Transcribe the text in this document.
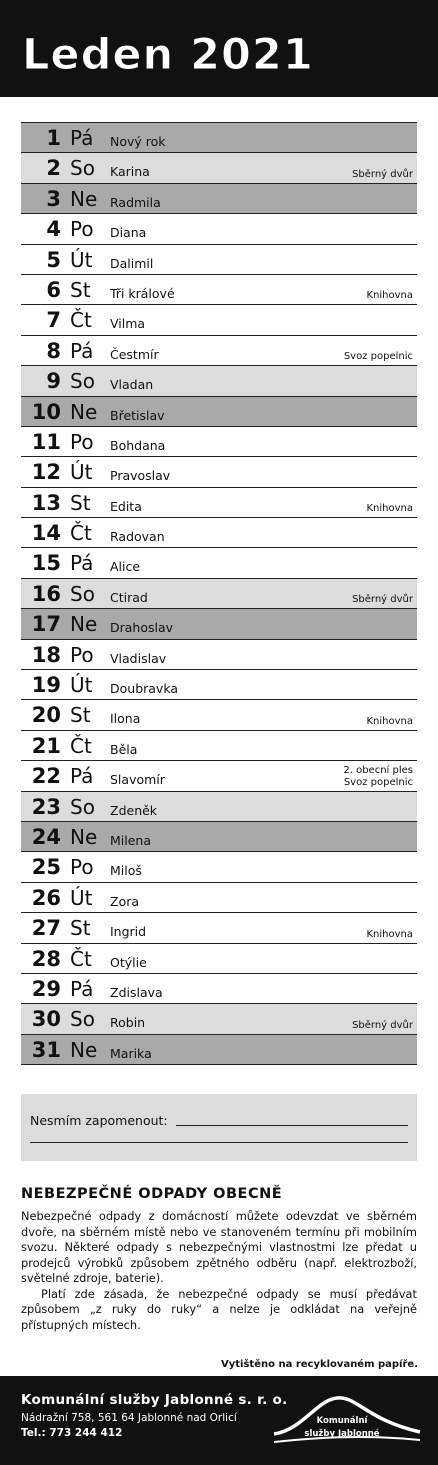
Leden 2021
1 Pá Nový rok
2 So Karina	Sběrný dvůr
3 Ne Radmila
4 Po Diana
5 Út Dalimil
6 St Tři králové	Knihovna
7 Čt Vilma
8 Pá Čestmír	Svoz popelnic
9 So Vladan
10 Ne Břetislav
11 Po Bohdana
12 Út Pravoslav
13 St Edita	Knihovna
14 Čt Radovan
15 Pá Alice
16 So Ctirad	Sběrný dvůr
17 Ne Drahoslav
18 Po Vladislav
19 Út Doubravka
20 St Ilona	Knihovna
21 Čt Běla
22 Pá Slavomír
2. obecní ples
Svoz popelnic
23 So Zdeněk
24 Ne Milena
25 Po Miloš
26 Út Zora
27 St Ingrid	Knihovna
28 Čt Otýlie
29 Pá Zdislava
30 So Robin	Sběrný dvůr
31 Ne Marika
Nesmím zapomenout:
NEBEZPEČNÉ ODPADY OBECNĚ

Nebezpečné odpady z domácností můžete odevzdat ve sběrném dvoře, na sběrném místě nebo ve stanoveném termínu při mobilním svozu. Některé odpady s nebezpečnými vlastnostmi lze předat u prodejců výrobků způsobem zpětného odběru (např. elektrozboží, světelné zdroje, baterie).

Platí zde zásada, že nebezpečné odpady se musí předávat způsobem „z ruky do ruky“ a nelze je odkládat na veřejně přístupných místech.

Vytištěno na recyklovaném papíře.
Komunální služby Jablonné s. r. o.
Nádražní 758, 561 64 Jablonné nad Orlicí
Tel.: 773 244 412
Komunální
služby Jablonné
